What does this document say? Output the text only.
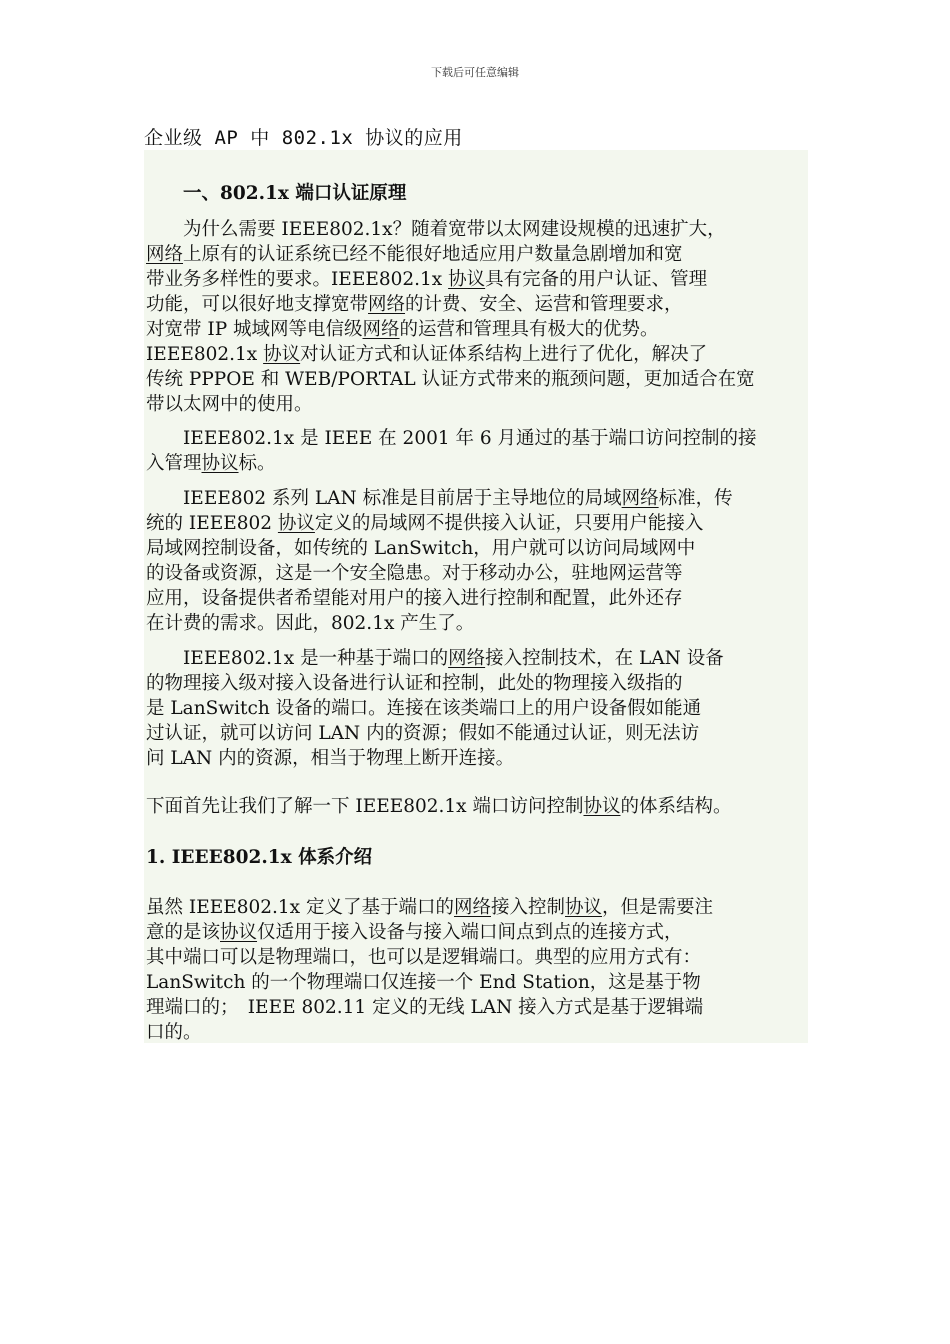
下载后可任意编辑
企业级 AP 中 802.1x 协议的应用
一、802.1x 端口认证原理
　　为什么需要 IEEE802.1x？随着宽带以太网建设规模的迅速扩大，
网络上原有的认证系统已经不能很好地适应用户数量急剧增加和宽
带业务多样性的要求。IEEE802.1x 协议具有完备的用户认证、管理
功能，可以很好地支撑宽带网络的计费、安全、运营和管理要求，
对宽带 IP 城域网等电信级网络的运营和管理具有极大的优势。
IEEE802.1x 协议对认证方式和认证体系结构上进行了优化，解决了
传统 PPPOE 和 WEB/PORTAL 认证方式带来的瓶颈问题，更加适合在宽
带以太网中的使用。
　　IEEE802.1x 是 IEEE 在 2001 年 6 月通过的基于端口访问控制的接
入管理协议标。
　　IEEE802 系列 LAN 标准是目前居于主导地位的局域网络标准，传
统的 IEEE802 协议定义的局域网不提供接入认证，只要用户能接入
局域网控制设备，如传统的 LanSwitch，用户就可以访问局域网中
的设备或资源，这是一个安全隐患。对于移动办公，驻地网运营等
应用，设备提供者希望能对用户的接入进行控制和配置，此外还存
在计费的需求。因此，802.1x 产生了。
　　IEEE802.1x 是一种基于端口的网络接入控制技术，在 LAN 设备
的物理接入级对接入设备进行认证和控制，此处的物理接入级指的
是 LanSwitch 设备的端口。连接在该类端口上的用户设备假如能通
过认证，就可以访问 LAN 内的资源；假如不能通过认证，则无法访
问 LAN 内的资源，相当于物理上断开连接。
下面首先让我们了解一下 IEEE802.1x 端口访问控制协议的体系结构。
1. IEEE802.1x 体系介绍
虽然 IEEE802.1x 定义了基于端口的网络接入控制协议，但是需要注
意的是该协议仅适用于接入设备与接入端口间点到点的连接方式，
其中端口可以是物理端口，也可以是逻辑端口。典型的应用方式有：
LanSwitch 的一个物理端口仅连接一个 End Station，这是基于物
理端口的；　IEEE 802.11 定义的无线 LAN 接入方式是基于逻辑端
口的。
